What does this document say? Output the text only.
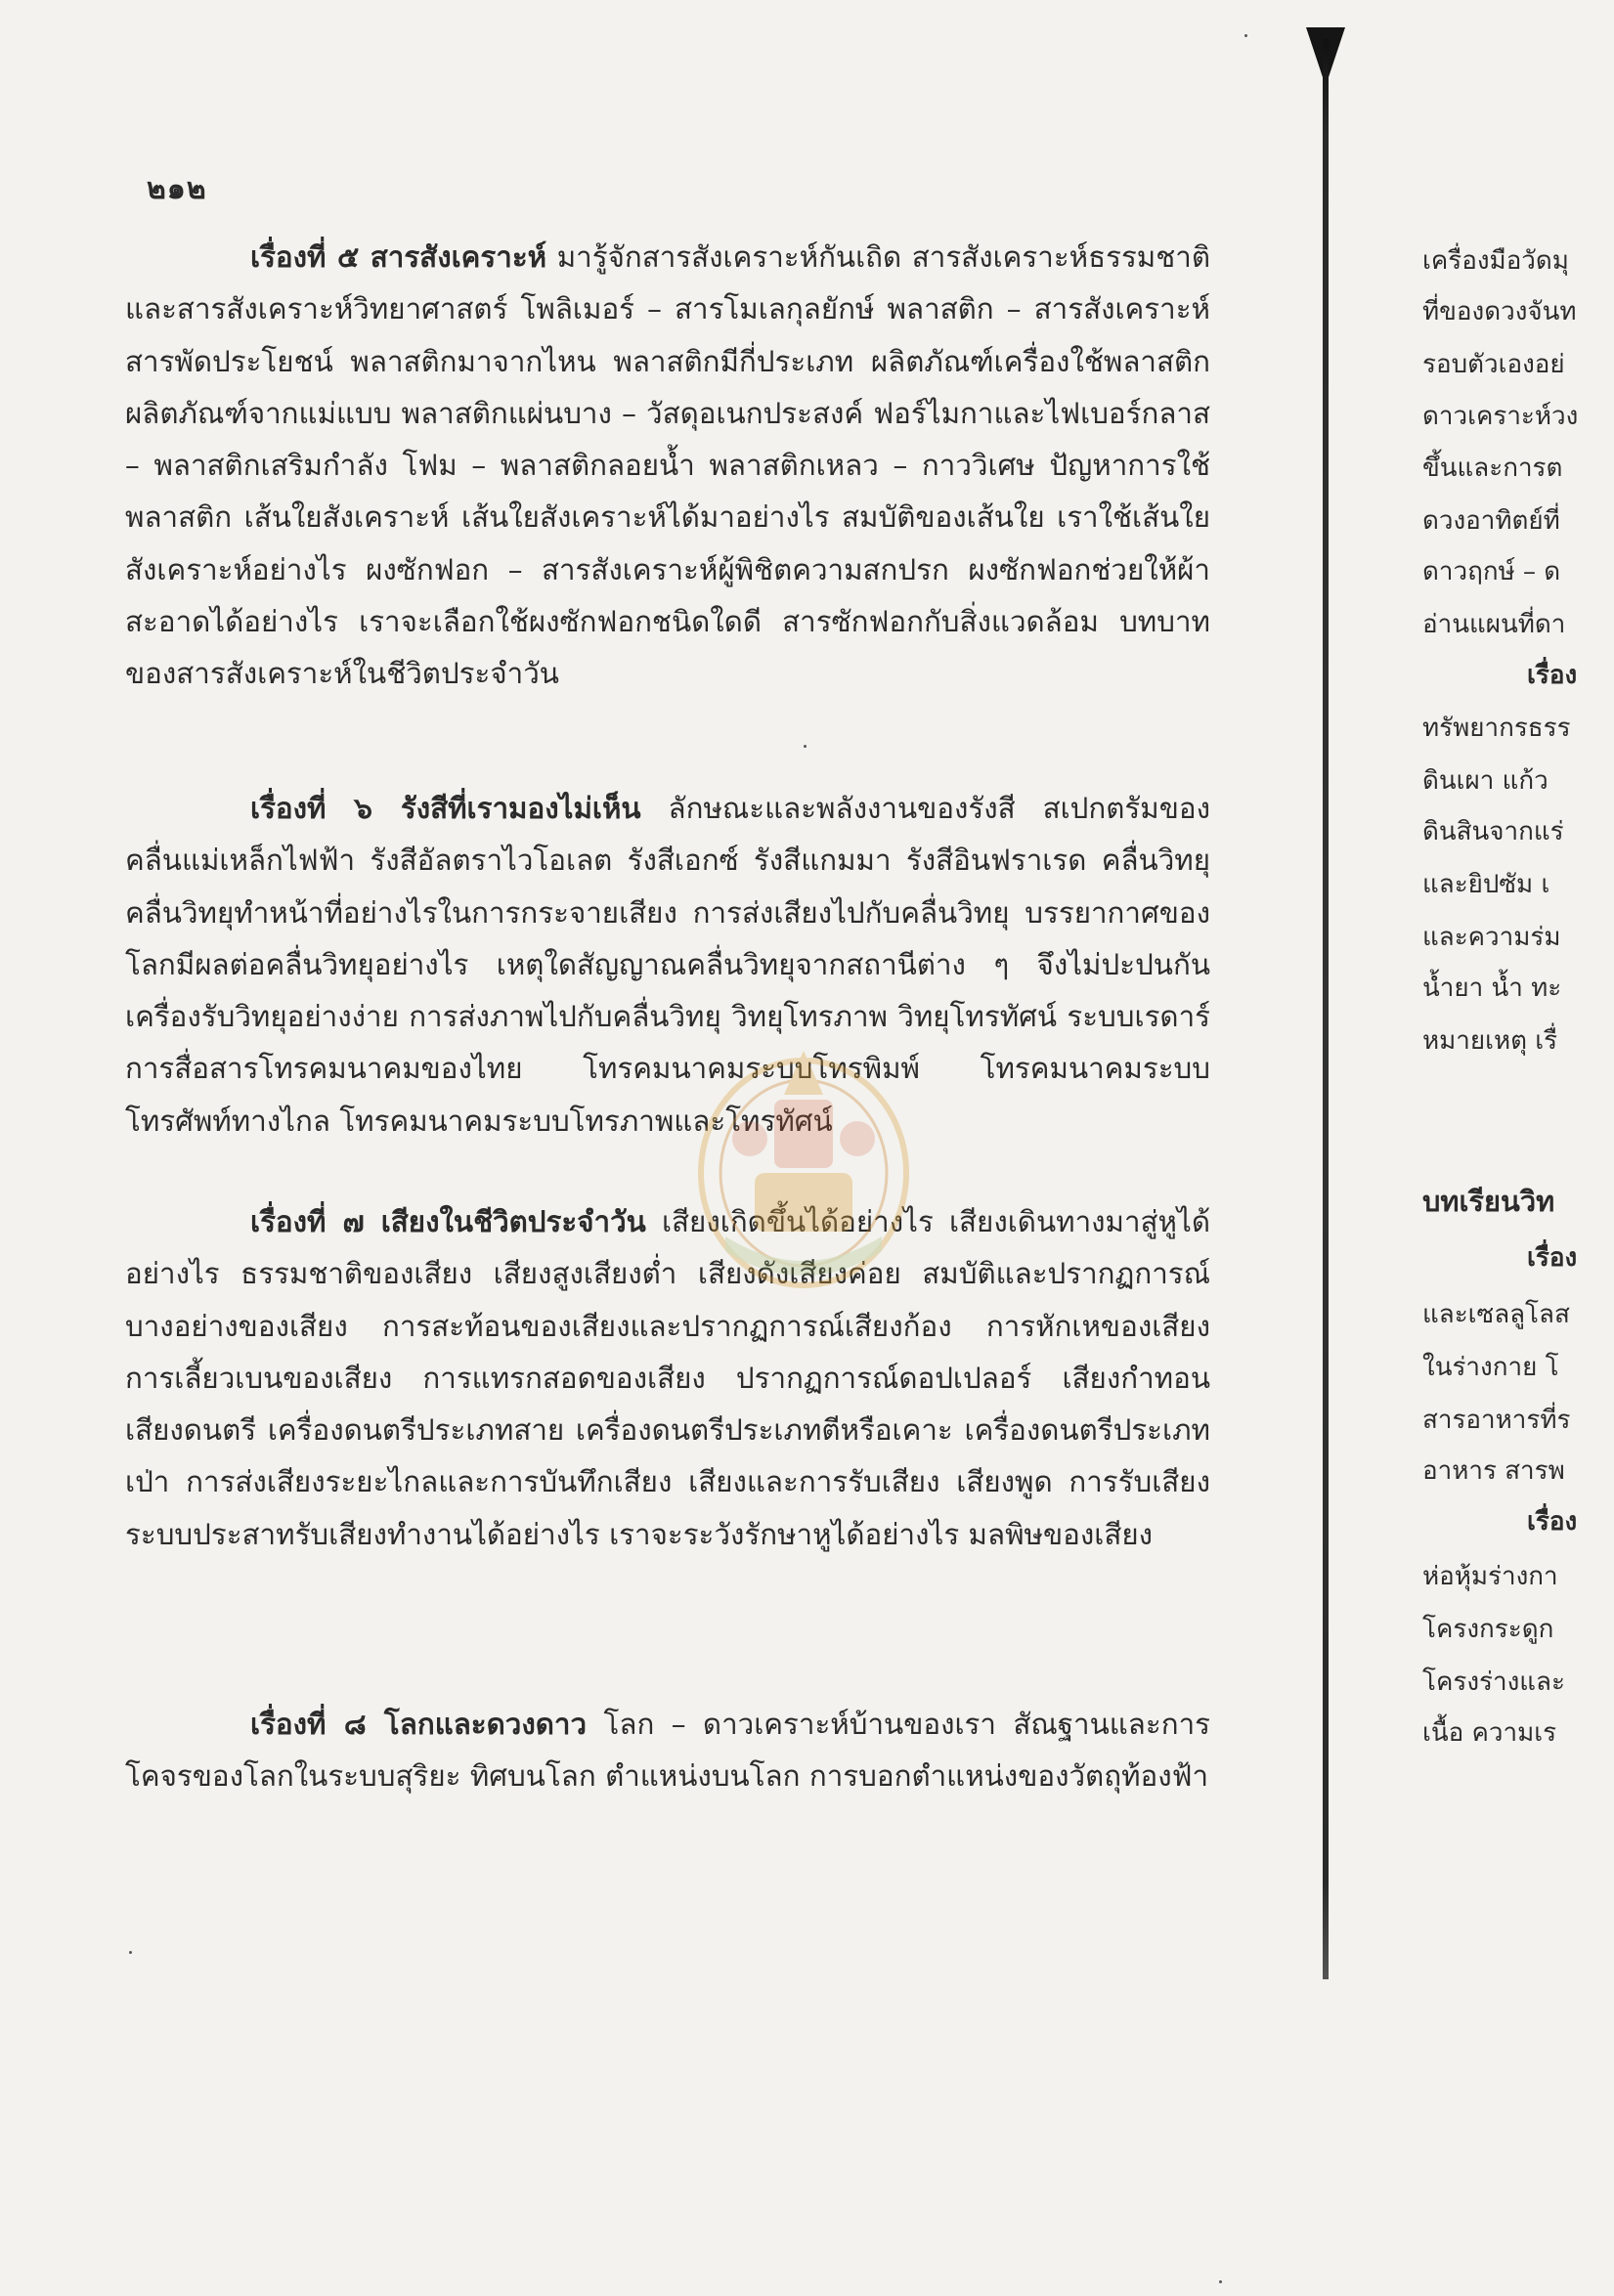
๒๑๒

เรื่องที่ ๕ สารสังเคราะห์ มารู้จักสารสังเคราะห์กันเถิด สารสังเคราะห์ธรรมชาติและสารสังเคราะห์วิทยาศาสตร์ โพลิเมอร์ – สารโมเลกุลยักษ์ พลาสติก – สารสังเคราะห์สารพัดประโยชน์ พลาสติกมาจากไหน พลาสติกมีกี่ประเภท ผลิตภัณฑ์เครื่องใช้พลาสติก ผลิตภัณฑ์จากแม่แบบ พลาสติกแผ่นบาง – วัสดุอเนกประสงค์ ฟอร์ไมกาและไฟเบอร์กลาส – พลาสติกเสริมกำลัง โฟม – พลาสติกลอยน้ำ พลาสติกเหลว – กาววิเศษ ปัญหาการใช้พลาสติก เส้นใยสังเคราะห์ เส้นใยสังเคราะห์ได้มาอย่างไร สมบัติของเส้นใย เราใช้เส้นใยสังเคราะห์อย่างไร ผงซักฟอก – สารสังเคราะห์ผู้พิชิตความสกปรก ผงซักฟอกช่วยให้ผ้าสะอาดได้อย่างไร เราจะเลือกใช้ผงซักฟอกชนิดใดดี สารซักฟอกกับสิ่งแวดล้อม บทบาทของสารสังเคราะห์ในชีวิตประจำวัน

เรื่องที่ ๖ รังสีที่เรามองไม่เห็น ลักษณะและพลังงานของรังสี สเปกตรัมของคลื่นแม่เหล็กไฟฟ้า รังสีอัลตราไวโอเลต รังสีเอกซ์ รังสีแกมมา รังสีอินฟราเรด คลื่นวิทยุ คลื่นวิทยุทำหน้าที่อย่างไรในการกระจายเสียง การส่งเสียงไปกับคลื่นวิทยุ บรรยากาศของโลกมีผลต่อคลื่นวิทยุอย่างไร เหตุใดสัญญาณคลื่นวิทยุจากสถานีต่าง ๆ จึงไม่ปะปนกัน เครื่องรับวิทยุอย่างง่าย การส่งภาพไปกับคลื่นวิทยุ วิทยุโทรภาพ วิทยุโทรทัศน์ ระบบเรดาร์ การสื่อสารโทรคมนาคมของไทย โทรคมนาคมระบบโทรพิมพ์ โทรคมนาคมระบบโทรศัพท์ทางไกล โทรคมนาคมระบบโทรภาพและโทรทัศน์

เรื่องที่ ๗ เสียงในชีวิตประจำวัน เสียงเกิดขึ้นได้อย่างไร เสียงเดินทางมาสู่หูได้อย่างไร ธรรมชาติของเสียง เสียงสูงเสียงต่ำ เสียงดังเสียงค่อย สมบัติและปรากฏการณ์บางอย่างของเสียง การสะท้อนของเสียงและปรากฏการณ์เสียงก้อง การหักเหของเสียง การเลี้ยวเบนของเสียง การแทรกสอดของเสียง ปรากฏการณ์ดอปเปลอร์ เสียงกำทอน เสียงดนตรี เครื่องดนตรีประเภทสาย เครื่องดนตรีประเภทตีหรือเคาะ เครื่องดนตรีประเภทเป่า การส่งเสียงระยะไกลและการบันทึกเสียง เสียงและการรับเสียง เสียงพูด การรับเสียง ระบบประสาทรับเสียงทำงานได้อย่างไร เราจะระวังรักษาหูได้อย่างไร มลพิษของเสียง

เรื่องที่ ๘ โลกและดวงดาว โลก – ดาวเคราะห์บ้านของเรา สัณฐานและการโคจรของโลกในระบบสุริยะ ทิศบนโลก ตำแหน่งบนโลก การบอกตำแหน่งของวัตถุท้องฟ้า

เครื่องมือวัดมุ
ที่ของดวงจันท
รอบตัวเองอย่
ดาวเคราะห์วง
ขึ้นและการต
ดวงอาทิตย์ที่
ดาวฤกษ์ – ด
อ่านแผนที่ดา
เรื่อง
ทรัพยากรธรร
ดินเผา แก้ว
ดินสินจากแร่
และยิปซัม เ
และความร่ม
น้ำยา น้ำ ทะ
หมายเหตุ เรื่
บทเรียนวิท
เรื่อง
และเซลลูโลส
ในร่างกาย โ
สารอาหารที่ร
อาหาร สารพ
เรื่อง
ห่อหุ้มร่างกา
โครงกระดูก
โครงร่างและ
เนื้อ ความเร
